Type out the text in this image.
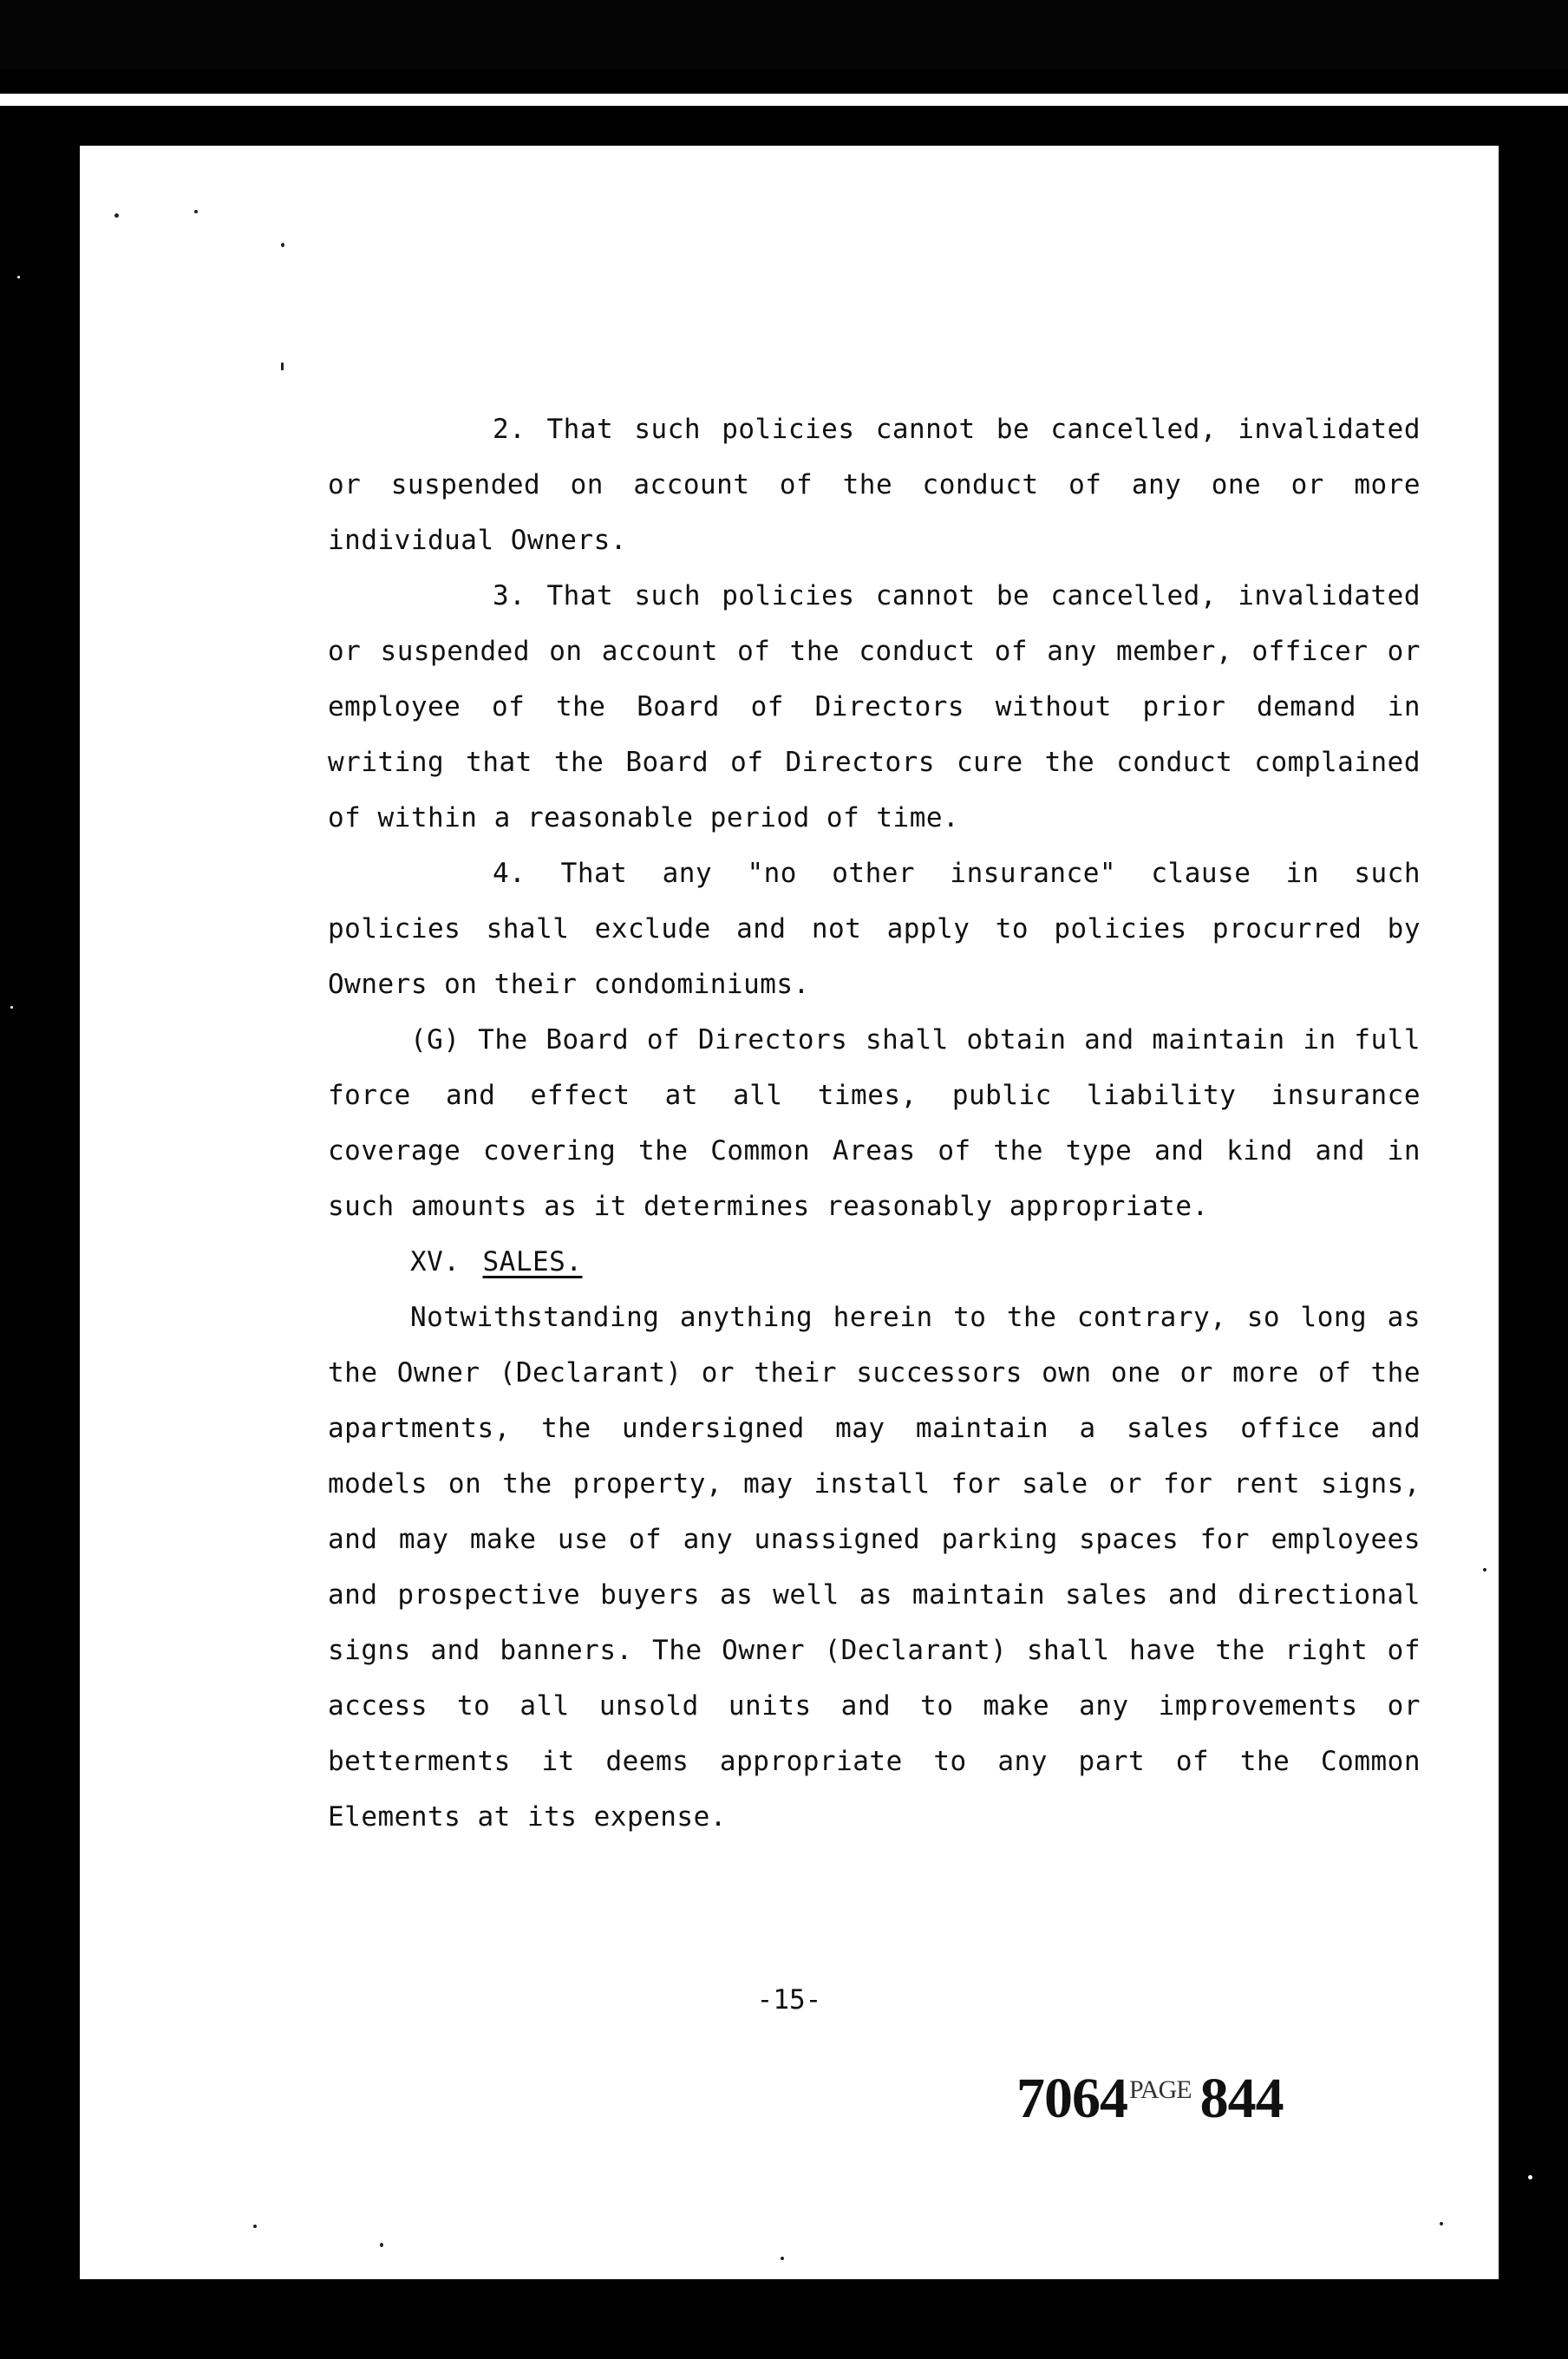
2. That such policies cannot be cancelled, invalidated or suspended on account of the conduct of any one or more individual Owners.

3. That such policies cannot be cancelled, invalidated or suspended on account of the conduct of any member, officer or employee of the Board of Directors without prior demand in writing that the Board of Directors cure the conduct complained of within a reasonable period of time.

4. That any "no other insurance" clause in such policies shall exclude and not apply to policies procurred by Owners on their condominiums.

(G) The Board of Directors shall obtain and maintain in full force and effect at all times, public liability insurance coverage covering the Common Areas of the type and kind and in such amounts as it determines reasonably appropriate.

XV. SALES.

Notwithstanding anything herein to the contrary, so long as the Owner (Declarant) or their successors own one or more of the apartments, the undersigned may maintain a sales office and models on the property, may install for sale or for rent signs, and may make use of any unassigned parking spaces for employees and prospective buyers as well as maintain sales and directional signs and banners. The Owner (Declarant) shall have the right of access to all unsold units and to make any improvements or betterments it deems appropriate to any part of the Common Elements at its expense.

-15-
$7064^{PAGE}$ 844
